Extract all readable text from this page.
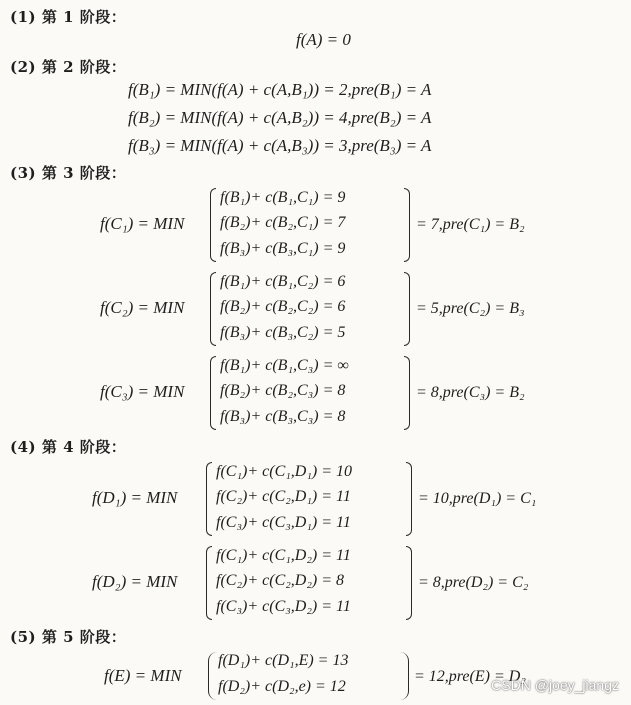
(1) 第 1 阶段：
f(A) = 0
(2) 第 2 阶段：
f(B₁) = MIN(f(A) + c(A,B₁)) = 2,pre(B₁) = A
f(B₂) = MIN(f(A) + c(A,B₂)) = 4,pre(B₂) = A
f(B₃) = MIN(f(A) + c(A,B₃)) = 3,pre(B₃) = A
(3) 第 3 阶段：
f(C₁) = MIN
f(B₁)+ c(B₁,C₁) = 9
f(B₂)+ c(B₂,C₁) = 7
f(B₃)+ c(B₃,C₁) = 9
= 7,pre(C₁) = B₂
f(C₂) = MIN
f(B₁)+ c(B₁,C₂) = 6
f(B₂)+ c(B₂,C₂) = 6
f(B₃)+ c(B₃,C₂) = 5
= 5,pre(C₂) = B₃
f(C₃) = MIN
f(B₁)+ c(B₁,C₃) = ∞
f(B₂)+ c(B₂,C₃) = 8
f(B₃)+ c(B₃,C₃) = 8
= 8,pre(C₃) = B₂
(4) 第 4 阶段：
f(D₁) = MIN
f(C₁)+ c(C₁,D₁) = 10
f(C₂)+ c(C₂,D₁) = 11
f(C₃)+ c(C₃,D₁) = 11
= 10,pre(D₁) = C₁
f(D₂) = MIN
f(C₁)+ c(C₁,D₂) = 11
f(C₂)+ c(C₂,D₂) = 8
f(C₃)+ c(C₃,D₂) = 11
= 8,pre(D₂) = C₂
(5) 第 5 阶段：
f(E) = MIN
f(D₁)+ c(D₁,E) = 13
f(D₂)+ c(D₂,e) = 12
= 12,pre(E) = D₂
CSDN @joey_jiangz
